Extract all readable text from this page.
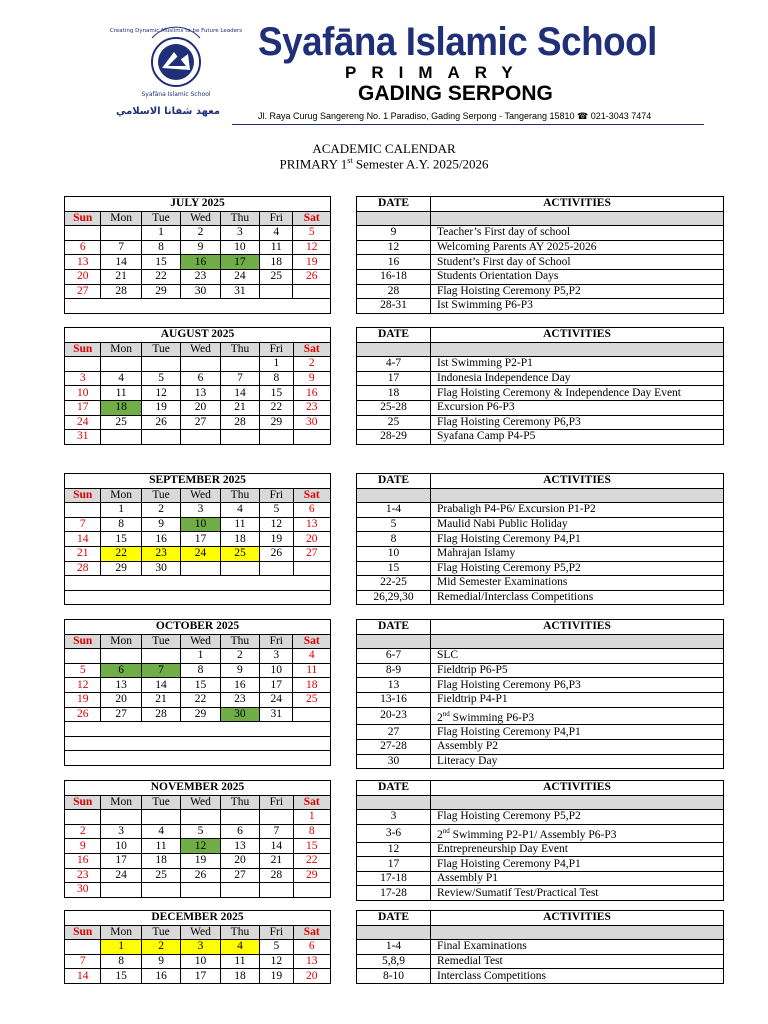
Creating Dynamic Muslims to be Future Leaders
Syafāna Islamic School
معهد شفانا الاسلامي
Syafāna Islamic School
PRIMARY
GADING SERPONG
Jl. Raya Curug Sangereng No. 1 Paradiso, Gading Serpong - Tangerang 15810 ☎ 021-3043 7474
ACADEMIC CALENDAR
PRIMARY 1st Semester A.Y. 2025/2026
JULY 2025						
Sun	Mon	Tue	Wed	Thu	Fri	Sat
		1	2	3	4	5
6	7	8	9	10	11	12
13	14	15	16	17	18	19
20	21	22	23	24	25	26
27	28	29	30	31		

DATE	ACTIVITIES

9	Teacher’s First day of school
12	Welcoming Parents AY 2025-2026
16	Student’s First day of School
16-18	Students Orientation Days
28	Flag Hoisting Ceremony P5,P2
28-31	Ist Swimming P6-P3
AUGUST 2025						
Sun	Mon	Tue	Wed	Thu	Fri	Sat
					1	2
3	4	5	6	7	8	9
10	11	12	13	14	15	16
17	18	19	20	21	22	23
24	25	26	27	28	29	30
31						
DATE	ACTIVITIES

4-7	Ist Swimming P2-P1
17	Indonesia Independence Day
18	Flag Hoisting Ceremony & Independence Day Event
25-28	Excursion P6-P3
25	Flag Hoisting Ceremony P6,P3
28-29	Syafana Camp P4-P5
SEPTEMBER 2025						
Sun	Mon	Tue	Wed	Thu	Fri	Sat
	1	2	3	4	5	6
7	8	9	10	11	12	13
14	15	16	17	18	19	20
21	22	23	24	25	26	27
28	29	30				

DATE	ACTIVITIES

1-4	Prabaligh P4-P6/ Excursion P1-P2
5	Maulid Nabi Public Holiday
8	Flag Hoisting Ceremony P4,P1
10	Mahrajan Islamy
15	Flag Hoisting Ceremony P5,P2
22-25	Mid Semester Examinations
26,29,30	Remedial/Interclass Competitions
OCTOBER 2025						
Sun	Mon	Tue	Wed	Thu	Fri	Sat
			1	2	3	4
5	6	7	8	9	10	11
12	13	14	15	16	17	18
19	20	21	22	23	24	25
26	27	28	29	30	31	

DATE	ACTIVITIES

6-7	SLC
8-9	Fieldtrip P6-P5
13	Flag Hoisting Ceremony P6,P3
13-16	Fieldtrip P4-P1
20-23	2nd Swimming P6-P3
27	Flag Hoisting Ceremony P4,P1
27-28	Assembly P2
30	Literacy Day
NOVEMBER 2025						
Sun	Mon	Tue	Wed	Thu	Fri	Sat
						1
2	3	4	5	6	7	8
9	10	11	12	13	14	15
16	17	18	19	20	21	22
23	24	25	26	27	28	29
30						
DATE	ACTIVITIES

3	Flag Hoisting Ceremony P5,P2
3-6	2nd Swimming P2-P1/ Assembly P6-P3
12	Entrepreneurship Day Event
17	Flag Hoisting Ceremony P4,P1
17-18	Assembly P1
17-28	Review/Sumatif Test/Practical Test
DECEMBER 2025						
Sun	Mon	Tue	Wed	Thu	Fri	Sat
	1	2	3	4	5	6
7	8	9	10	11	12	13
14	15	16	17	18	19	20
DATE	ACTIVITIES

1-4	Final Examinations
5,8,9	Remedial Test
8-10	Interclass Competitions
